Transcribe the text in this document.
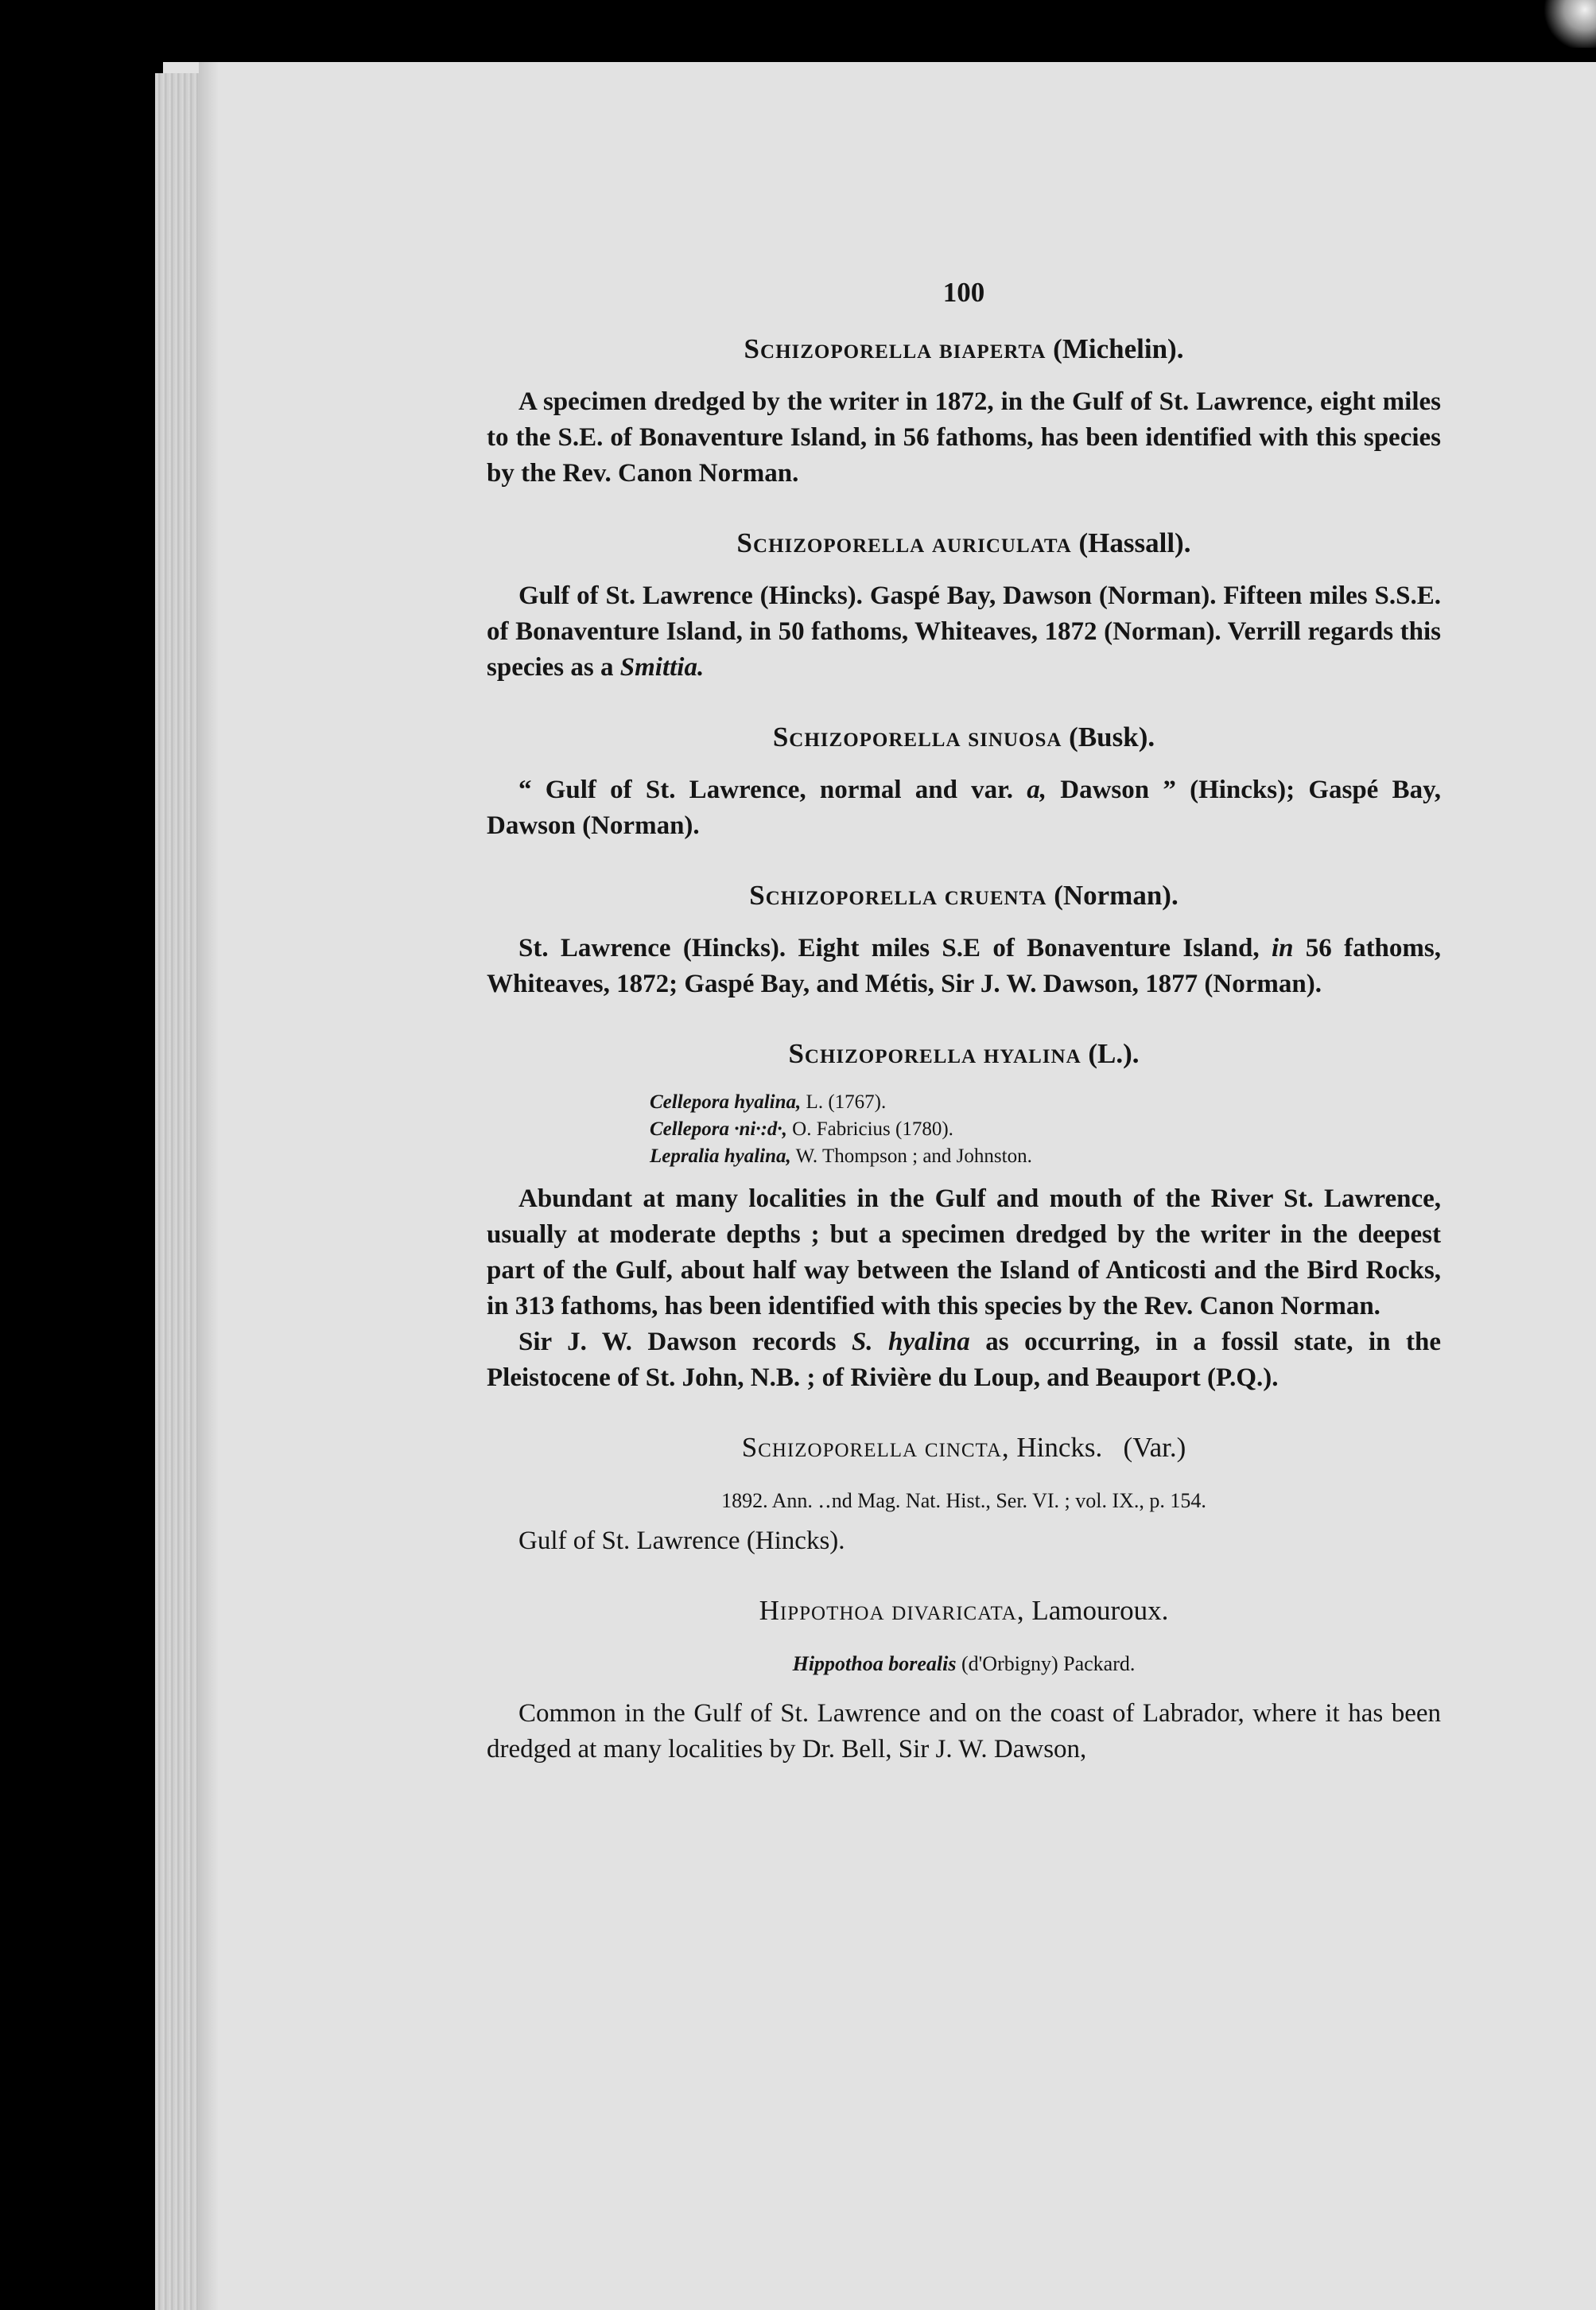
100
Schizoporella biaperta (Michelin).

A specimen dredged by the writer in 1872, in the Gulf of St. Lawrence, eight miles to the S.E. of Bonaventure Island, in 56 fathoms, has been identified with this species by the Rev. Canon Norman.

Schizoporella auriculata (Hassall).

Gulf of St. Lawrence (Hincks). Gaspé Bay, Dawson (Norman). Fifteen miles S.S.E. of Bonaventure Island, in 50 fathoms, Whiteaves, 1872 (Norman). Verrill regards this species as a Smittia.

Schizoporella sinuosa (Busk).

“ Gulf of St. Lawrence, normal and var. a, Dawson ” (Hincks); Gaspé Bay, Dawson (Norman).

Schizoporella cruenta (Norman).

St. Lawrence (Hincks). Eight miles S.E of Bonaventure Island, in 56 fathoms, Whiteaves, 1872; Gaspé Bay, and Métis, Sir J. W. Dawson, 1877 (Norman).

Schizoporella hyalina (L.).
Cellepora hyalina, L. (1767).
Cellepora ·ni·:d·, O. Fabricius (1780).
Lepralia hyalina, W. Thompson ; and Johnston.

Abundant at many localities in the Gulf and mouth of the River St. Lawrence, usually at moderate depths ; but a specimen dredged by the writer in the deepest part of the Gulf, about half way between the Island of Anticosti and the Bird Rocks, in 313 fathoms, has been identified with this species by the Rev. Canon Norman.

Sir J. W. Dawson records S. hyalina as occurring, in a fossil state, in the Pleistocene of St. John, N.B. ; of Rivière du Loup, and Beauport (P.Q.).

Schizoporella cincta, Hincks. (Var.)
1892. Ann. ‥nd Mag. Nat. Hist., Ser. VI. ; vol. IX., p. 154.

Gulf of St. Lawrence (Hincks).

Hippothoa divaricata, Lamouroux.
Hippothoa borealis (d'Orbigny) Packard.

Common in the Gulf of St. Lawrence and on the coast of Labrador, where it has been dredged at many localities by Dr. Bell, Sir J. W. Dawson,
